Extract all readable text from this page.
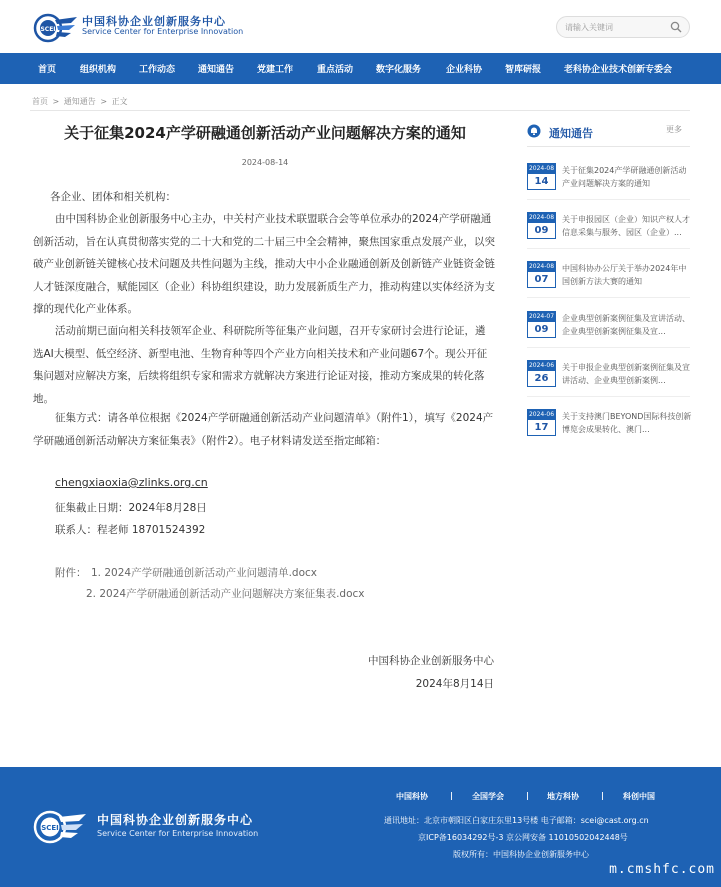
SCEI
中国科协企业创新服务中心
Service Center for Enterprise Innovation
请输入关键词
首页	组织机构	工作动态	通知通告	党建工作	重点活动	数字化服务	企业科协	智库研报	老科协企业技术创新专委会
首页 > 通知通告 > 正文
关于征集2024产学研融通创新活动产业问题解决方案的通知
2024-08-14
各企业、团体和相关机构：
由中国科协企业创新服务中心主办，中关村产业技术联盟联合会等单位承办的2024产学研融通创新活动，旨在认真贯彻落实党的二十大和党的二十届三中全会精神，聚焦国家重点发展产业，以突破产业创新链关键核心技术问题及共性问题为主线，推动大中小企业融通创新及创新链产业链资金链人才链深度融合，赋能园区（企业）科协组织建设，助力发展新质生产力，推动构建以实体经济为支撑的现代化产业体系。
活动前期已面向相关科技领军企业、科研院所等征集产业问题，召开专家研讨会进行论证，遴选AI大模型、低空经济、新型电池、生物育种等四个产业方向相关技术和产业问题67个。现公开征集问题对应解决方案，后续将组织专家和需求方就解决方案进行论证对接，推动方案成果的转化落地。
征集方式：请各单位根据《2024产学研融通创新活动产业问题清单》（附件1），填写《2024产学研融通创新活动解决方案征集表》（附件2）。电子材料请发送至指定邮箱：
chengxiaoxia@zlinks.org.cn
征集截止日期：2024年8月28日
联系人：程老师 18701524392
附件： 1. 2024产学研融通创新活动产业问题清单.docx
2. 2024产学研融通创新活动产业问题解决方案征集表.docx
中国科协企业创新服务中心
2024年8月14日
通知通告	更多
2024-08
14
关于征集2024产学研融通创新活动产业问题解决方案的通知
2024-08
09
关于申报园区（企业）知识产权人才信息采集与服务、园区（企业）...
2024-08
07
中国科协办公厅关于举办2024年中国创新方法大赛的通知
2024-07
09
企业典型创新案例征集及宣讲活动、企业典型创新案例征集及宣...
2024-06
26
关于申报企业典型创新案例征集及宣讲活动、企业典型创新案例...
2024-06
17
关于支持澳门BEYOND国际科技创新博览会成果转化、澳门...
SCEI
中国科协企业创新服务中心
Service Center for Enterprise Innovation
中国科协	| 全国学会	| 地方科协	| 科创中国
通讯地址：北京市朝阳区白家庄东里13号楼 电子邮箱：scei@cast.org.cn
京ICP备16034292号-3 京公网安备 11010502042448号
版权所有：中国科协企业创新服务中心
m.cmshfc.com
